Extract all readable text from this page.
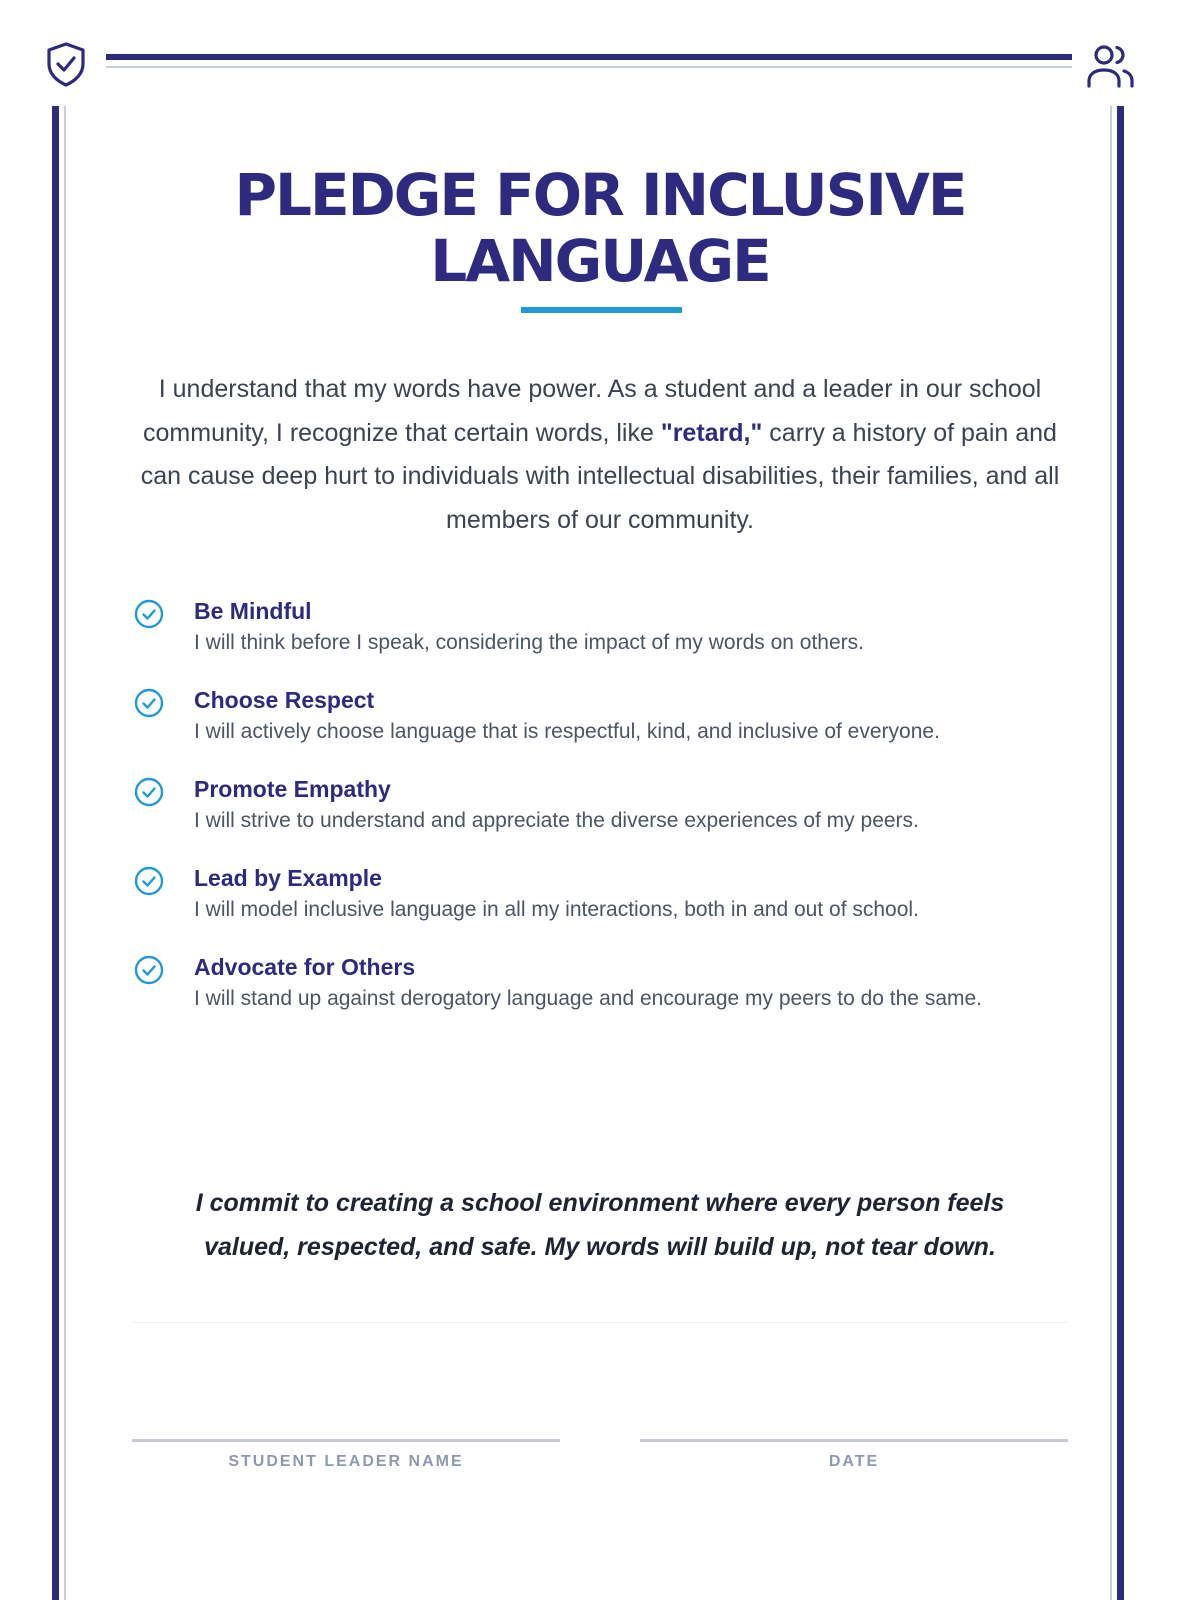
PLEDGE FOR INCLUSIVE
LANGUAGE

I understand that my words have power. As a student and a leader in our school community, I recognize that certain words, like "retard," carry a history of pain and can cause deep hurt to individuals with intellectual disabilities, their families, and all members of our community.

Be Mindful
I will think before I speak, considering the impact of my words on others.
Choose Respect
I will actively choose language that is respectful, kind, and inclusive of everyone.
Promote Empathy
I will strive to understand and appreciate the diverse experiences of my peers.
Lead by Example
I will model inclusive language in all my interactions, both in and out of school.
Advocate for Others
I will stand up against derogatory language and encourage my peers to do the same.

I commit to creating a school environment where every person feels
valued, respected, and safe. My words will build up, not tear down.

STUDENT LEADER NAME	DATE
